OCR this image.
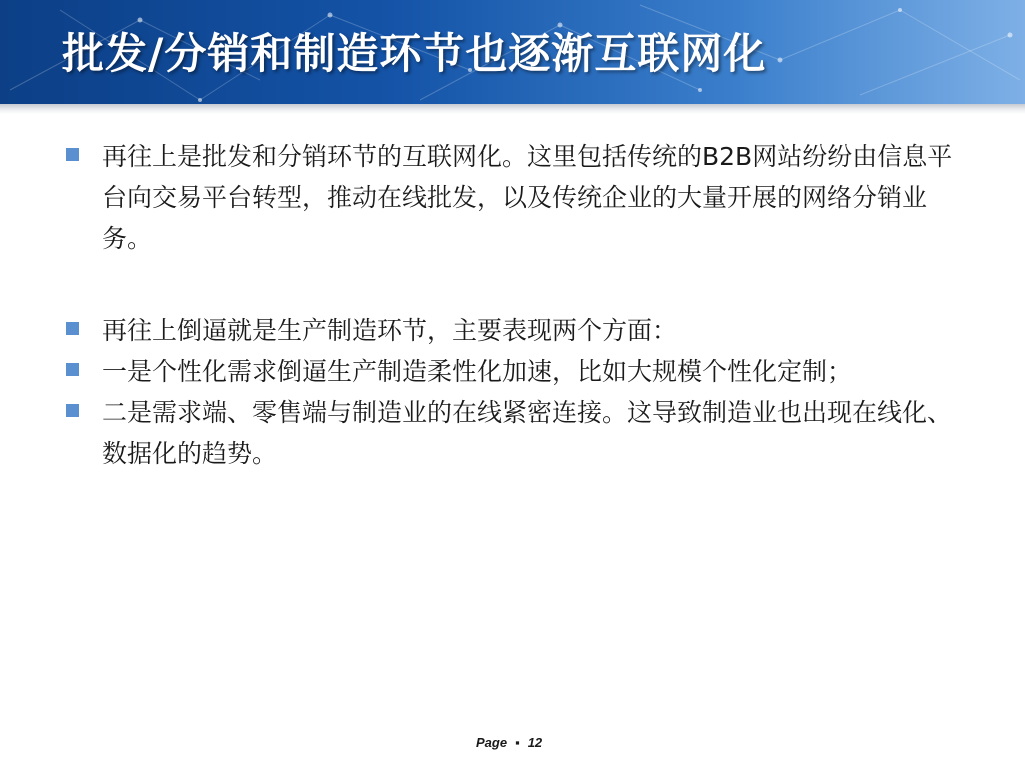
批发/分销和制造环节也逐渐互联网化
再往上是批发和分销环节的互联网化。这里包括传统的B2B网站纷纷由信息平台向交易平台转型，推动在线批发，以及传统企业的大量开展的网络分销业务。
再往上倒逼就是生产制造环节，主要表现两个方面：
一是个性化需求倒逼生产制造柔性化加速，比如大规模个性化定制；
二是需求端、零售端与制造业的在线紧密连接。这导致制造业也出现在线化、数据化的趋势。
Page ▪ 12
